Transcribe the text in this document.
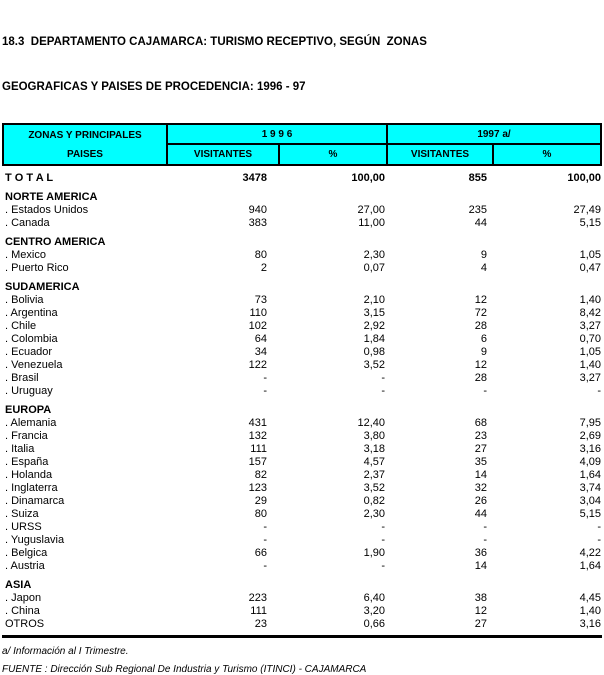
18.3  DEPARTAMENTO CAJAMARCA: TURISMO RECEPTIVO, SEGÚN  ZONAS

GEOGRAFICAS Y PAISES DE PROCEDENCIA: 1996 - 97

ZONAS Y PRINCIPALES
PAISES
1 9 9 6	1997 a/
VISITANTES	%	VISITANTES	%
T O T A L	3478	100,00	855	100,00
NORTE AMERICA
. Estados Unidos	940	27,00	235	27,49
. Canada	383	11,00	44	5,15
CENTRO AMERICA
. Mexico	80	2,30	9	1,05
. Puerto Rico	2	0,07	4	0,47
SUDAMERICA
. Bolivia	73	2,10	12	1,40
. Argentina	110	3,15	72	8,42
. Chile	102	2,92	28	3,27
. Colombia	64	1,84	6	0,70
. Ecuador	34	0,98	9	1,05
. Venezuela	122	3,52	12	1,40
. Brasil	-	-	28	3,27
. Uruguay	-	-	-	-
EUROPA
. Alemania	431	12,40	68	7,95
. Francia	132	3,80	23	2,69
. Italia	111	3,18	27	3,16
. España	157	4,57	35	4,09
. Holanda	82	2,37	14	1,64
. Inglaterra	123	3,52	32	3,74
. Dinamarca	29	0,82	26	3,04
. Suiza	80	2,30	44	5,15
. URSS	-	-	-	-
. Yuguslavia	-	-	-	-
. Belgica	66	1,90	36	4,22
. Austria	-	-	14	1,64
ASIA
. Japon	223	6,40	38	4,45
. China	111	3,20	12	1,40
OTROS	23	0,66	27	3,16
a/ Información al I Trimestre.
FUENTE : Dirección Sub Regional De Industria y Turismo (ITINCI) - CAJAMARCA
